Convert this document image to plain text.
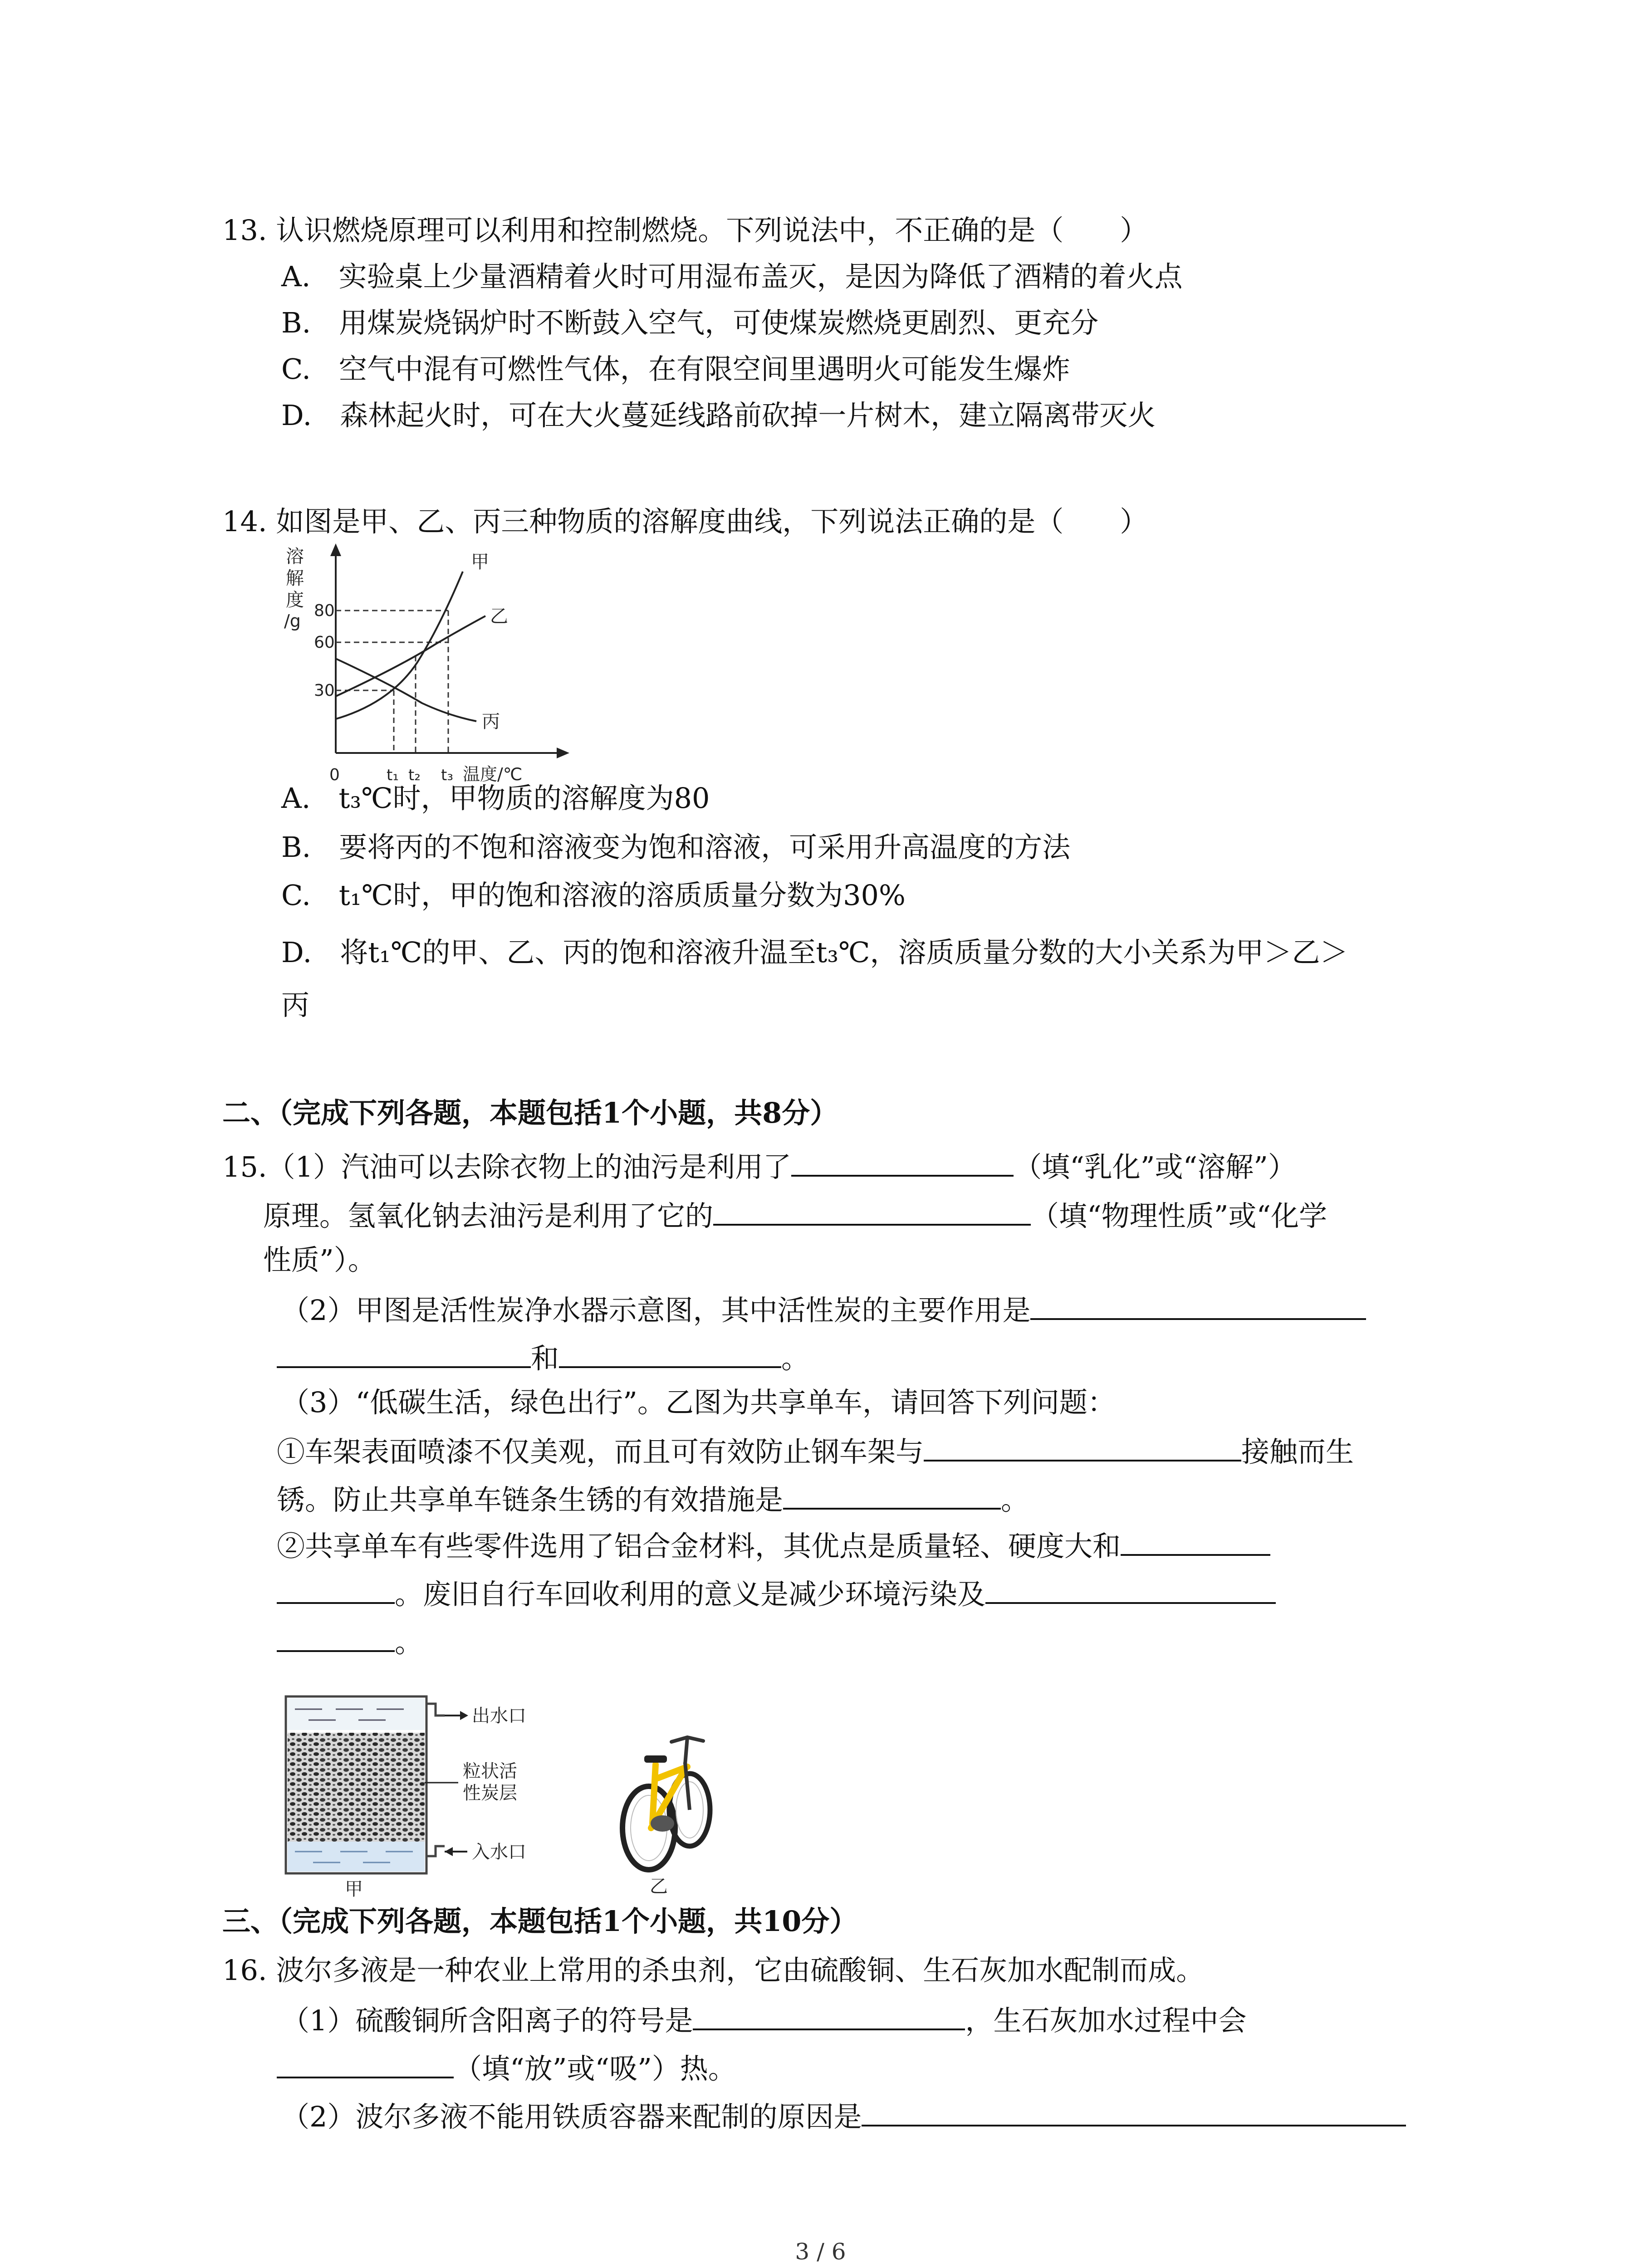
13. 认识燃烧原理可以利用和控制燃烧。下列说法中，不正确的是（　　）
A.　实验桌上少量酒精着火时可用湿布盖灭，是因为降低了酒精的着火点
B.　用煤炭烧锅炉时不断鼓入空气，可使煤炭燃烧更剧烈、更充分
C.　空气中混有可燃性气体，在有限空间里遇明火可能发生爆炸
D.　森林起火时，可在大火蔓延线路前砍掉一片树木，建立隔离带灭火
14. 如图是甲、乙、丙三种物质的溶解度曲线，下列说法正确的是（　　）
溶
解
度
/g
80
60
30
甲
乙
丙
0	t₁ t₂ t₃ 温度/℃
A.　t₃℃时，甲物质的溶解度为80
B.　要将丙的不饱和溶液变为饱和溶液，可采用升高温度的方法
C.　t₁℃时，甲的饱和溶液的溶质质量分数为30%
D.　将t₁℃的甲、乙、丙的饱和溶液升温至t₃℃，溶质质量分数的大小关系为甲＞乙＞
丙
二、（完成下列各题，本题包括1个小题，共8分）
15.（1）汽油可以去除衣物上的油污是利用了	（填“乳化”或“溶解”）
原理。氢氧化钠去油污是利用了它的	（填“物理性质”或“化学
性质”）。
（2）甲图是活性炭净水器示意图，其中活性炭的主要作用是
和	。
（3）“低碳生活，绿色出行”。乙图为共享单车，请回答下列问题：
①车架表面喷漆不仅美观，而且可有效防止钢车架与	接触而生
锈。防止共享单车链条生锈的有效措施是	。
②共享单车有些零件选用了铝合金材料，其优点是质量轻、硬度大和
。废旧自行车回收利用的意义是减少环境污染及
。
出水口
粒状活
性炭层
入水口
甲	乙
三、（完成下列各题，本题包括1个小题，共10分）
16. 波尔多液是一种农业上常用的杀虫剂，它由硫酸铜、生石灰加水配制而成。
（1）硫酸铜所含阳离子的符号是	，生石灰加水过程中会
（填“放”或“吸”）热。
（2）波尔多液不能用铁质容器来配制的原因是
3 / 6
